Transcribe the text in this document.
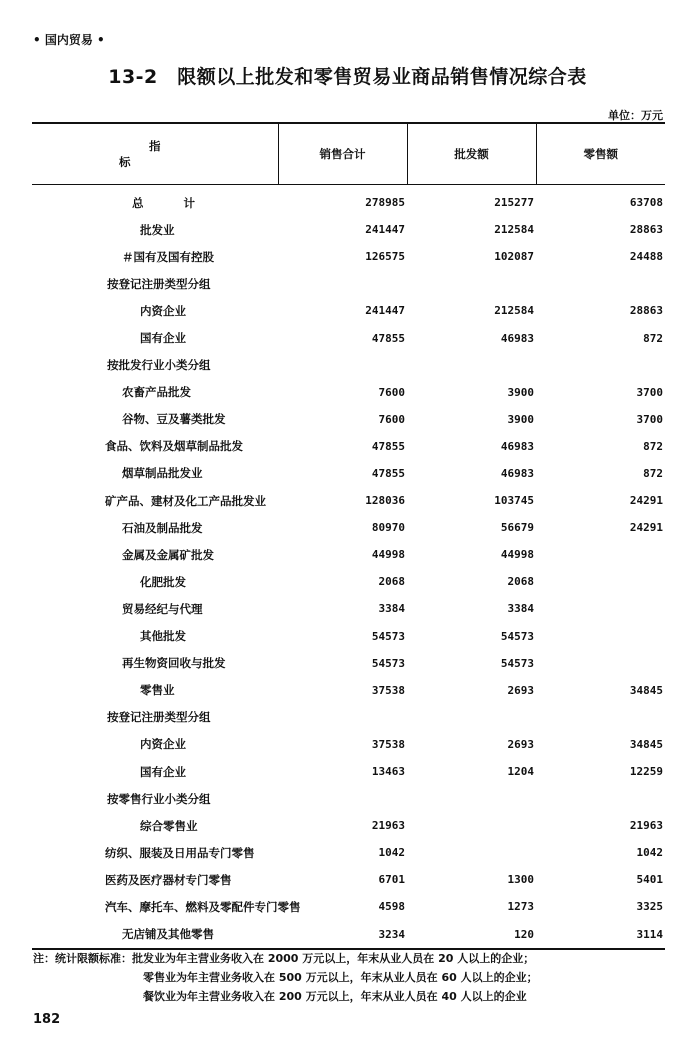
• 国内贸易 •
13-2　限额以上批发和零售贸易业商品销售情况综合表
单位：万元
指　标	销售合计	批发额	零售额
总计	278985	215277	63708
批发业	241447	212584	28863
＃国有及国有控股	126575	102087	24488
按登记注册类型分组			
内资企业	241447	212584	28863
国有企业	47855	46983	872
按批发行业小类分组			
农畜产品批发	7600	3900	3700
谷物、豆及薯类批发	7600	3900	3700
食品、饮料及烟草制品批发	47855	46983	872
烟草制品批发业	47855	46983	872
矿产品、建材及化工产品批发业	128036	103745	24291
石油及制品批发	80970	56679	24291
金属及金属矿批发	44998	44998	
化肥批发	2068	2068	
贸易经纪与代理	3384	3384	
其他批发	54573	54573	
再生物资回收与批发	54573	54573	
零售业	37538	2693	34845
按登记注册类型分组			
内资企业	37538	2693	34845
国有企业	13463	1204	12259
按零售行业小类分组			
综合零售业	21963		21963
纺织、服装及日用品专门零售	1042		1042
医药及医疗器材专门零售	6701	1300	5401
汽车、摩托车、燃料及零配件专门零售	4598	1273	3325
无店铺及其他零售	3234	120	3114
注：统计限额标准：批发业为年主营业务收入在 2000 万元以上，年末从业人员在 20 人以上的企业；
零售业为年主营业务收入在 500 万元以上，年末从业人员在 60 人以上的企业；
餐饮业为年主营业务收入在 200 万元以上，年末从业人员在 40 人以上的企业
182
